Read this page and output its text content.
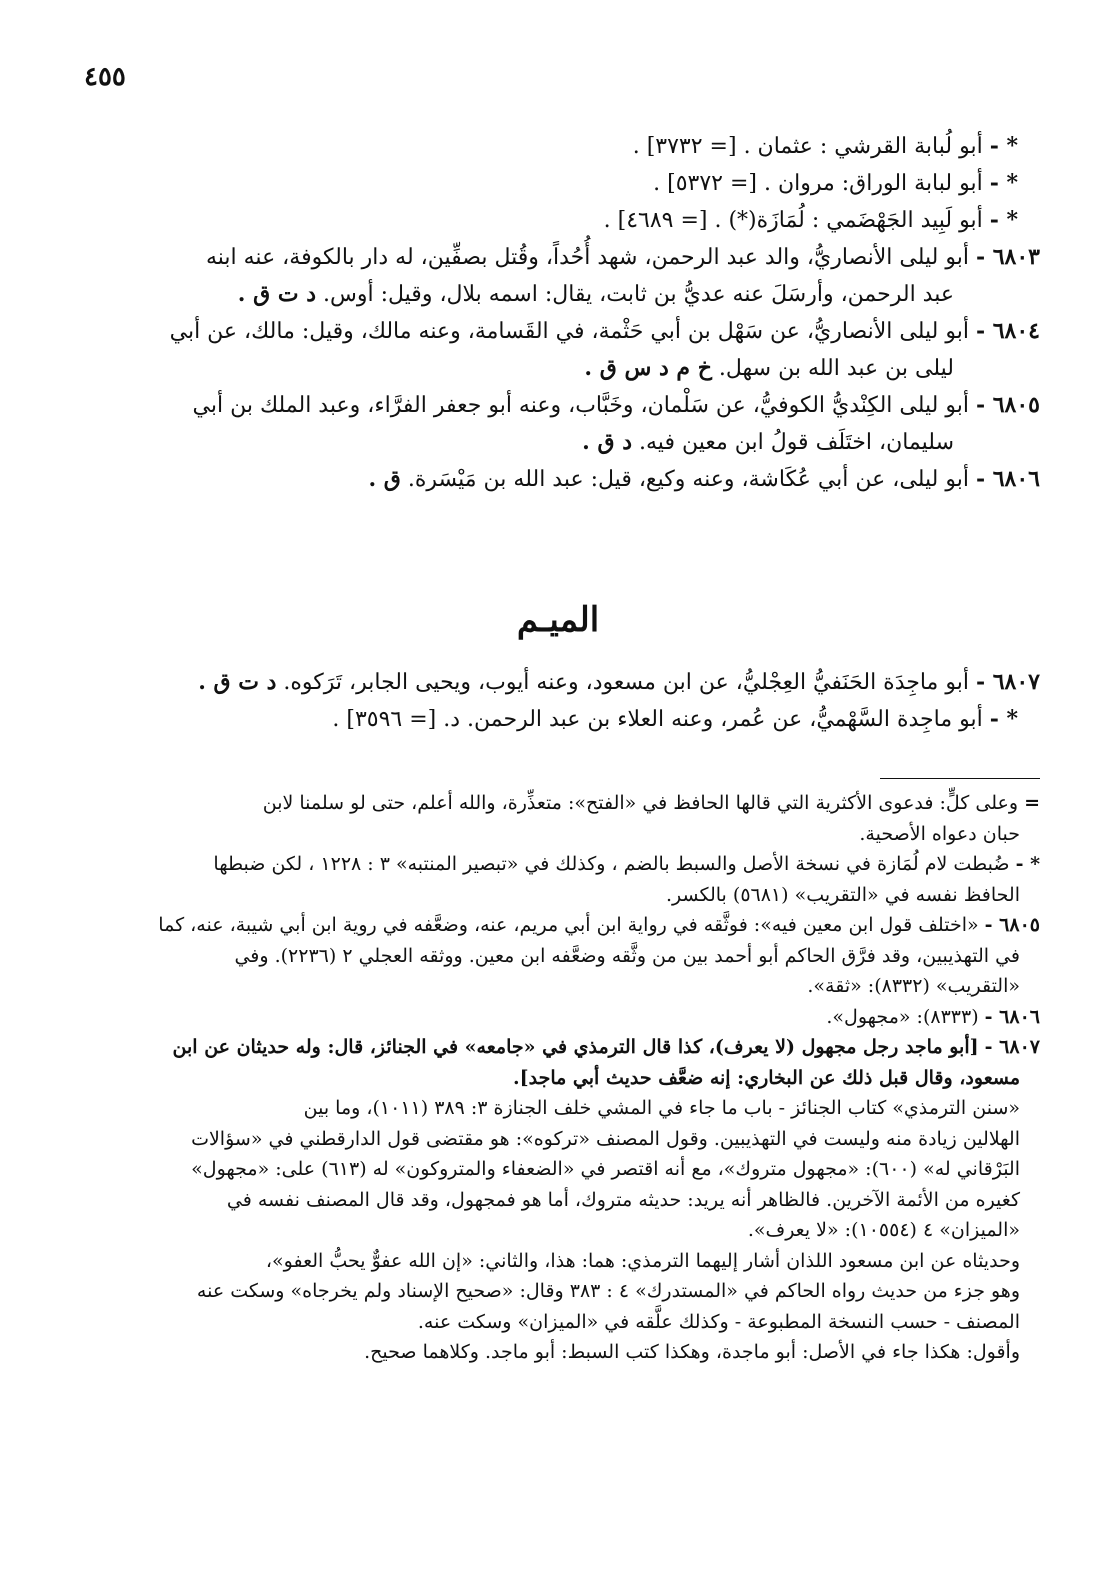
٤٥٥

* - أبو لُبابة القرشي : عثمان . [= ٣٧٣٢] .

* - أبو لبابة الوراق: مروان . [= ٥٣٧٢] .

* - أبو لَبِيد الجَهْضَمي : لُمَازَة(*) . [= ٤٦٨٩] .

٦٨٠٣ - أبو ليلى الأنصاريُّ، والد عبد الرحمن، شهد أُحُداً، وقُتل بصفِّين، له دار بالكوفة، عنه ابنه
عبد الرحمن، وأرسَلَ عنه عديُّ بن ثابت، يقال: اسمه بلال، وقيل: أوس. د ت ق .

٦٨٠٤ - أبو ليلى الأنصاريُّ، عن سَهْل بن أبي حَثْمة، في القَسامة، وعنه مالك، وقيل: مالك، عن أبي
ليلى بن عبد الله بن سهل. خ م د س ق .

٦٨٠٥ - أبو ليلى الكِنْديُّ الكوفيُّ، عن سَلْمان، وخَبَّاب، وعنه أبو جعفر الفرَّاء، وعبد الملك بن أبي
سليمان، اختَلَف قولُ ابن معين فيه. د ق .

٦٨٠٦ - أبو ليلى، عن أبي عُكَاشة، وعنه وكيع، قيل: عبد الله بن مَيْسَرة. ق .

الميـم

٦٨٠٧ - أبو ماجِدَة الحَنَفيُّ العِجْليُّ، عن ابن مسعود، وعنه أيوب، ويحيى الجابر، تَرَكوه. د ت ق .

* - أبو ماجِدة السَّهْميُّ، عن عُمر، وعنه العلاء بن عبد الرحمن. د. [= ٣٥٩٦] .

= وعلى كلٍّ: فدعوى الأكثرية التي قالها الحافظ في «الفتح»: متعذِّرة، والله أعلم، حتى لو سلمنا لابن
حبان دعواه الأصحية.

* - ضُبطت لام لُمَازة في نسخة الأصل والسبط بالضم ، وكذلك في «تبصير المنتبه» ٣ : ١٢٢٨ ، لكن ضبطها
الحافظ نفسه في «التقريب» (٥٦٨١) بالكسر.

٦٨٠٥ - «اختلف قول ابن معين فيه»: فوثَّقه في رواية ابن أبي مريم، عنه، وضعَّفه في روية ابن أبي شيبة، عنه، كما
في التهذيبين، وقد فرَّق الحاكم أبو أحمد بين من وثَّقه وضعَّفه ابن معين. ووثقه العجلي ٢ (٢٢٣٦). وفي
«التقريب» (٨٣٣٢): «ثقة».

٦٨٠٦ - (٨٣٣٣): «مجهول».

٦٨٠٧ - [أبو ماجد رجل مجهول (لا يعرف)، كذا قال الترمذي في «جامعه» في الجنائز، قال: وله حديثان عن ابن
مسعود، وقال قبل ذلك عن البخاري: إنه ضعَّف حديث أبي ماجد].

«سنن الترمذي» كتاب الجنائز - باب ما جاء في المشي خلف الجنازة ٣: ٣٨٩ (١٠١١)، وما بين
الهلالين زيادة منه وليست في التهذيبين. وقول المصنف «تركوه»: هو مقتضى قول الدارقطني في «سؤالات
البَرْقاني له» (٦٠٠): «مجهول متروك»، مع أنه اقتصر في «الضعفاء والمتروكون» له (٦١٣) على: «مجهول»
كغيره من الأئمة الآخرين. فالظاهر أنه يريد: حديثه متروك، أما هو فمجهول، وقد قال المصنف نفسه في
«الميزان» ٤ (١٠٥٥٤): «لا يعرف».

وحديثاه عن ابن مسعود اللذان أشار إليهما الترمذي: هما: هذا، والثاني: «إن الله عفوٌّ يحبُّ العفو»،
وهو جزء من حديث رواه الحاكم في «المستدرك» ٤ : ٣٨٣ وقال: «صحيح الإسناد ولم يخرجاه» وسكت عنه
المصنف - حسب النسخة المطبوعة - وكذلك علَّقه في «الميزان» وسكت عنه.

وأقول: هكذا جاء في الأصل: أبو ماجدة، وهكذا كتب السبط: أبو ماجد. وكلاهما صحيح.
